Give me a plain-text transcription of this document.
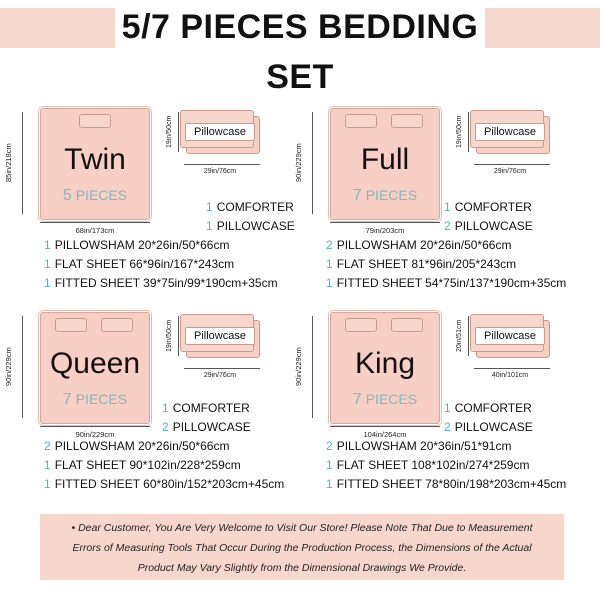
5/7 PIECES BEDDING SET
85in/218cm	Twin
5 PIECES
68in/173cm
19in/50cm	Pillowcase
29in/76cm
1 COMFORTER
1 PILLOWCASE
1 PILLOWSHAM 20*26in/50*66cm
1 FLAT SHEET 66*96in/167*243cm
1 FITTED SHEET 39*75in/99*190cm+35cm
90in/229cm	Full
7 PIECES
79in/203cm
19in/50cm	Pillowcase
29in/76cm
1 COMFORTER
2 PILLOWCASE
2 PILLOWSHAM 20*26in/50*66cm
1 FLAT SHEET 81*96in/205*243cm
1 FITTED SHEET 54*75in/137*190cm+35cm
90in/229cm Queen
7 PIECES
90in/229cm
19in/50cm	Pillowcase
29in/76cm
1 COMFORTER
2 PILLOWCASE
2 PILLOWSHAM 20*26in/50*66cm
1 FLAT SHEET 90*102in/228*259cm
1 FITTED SHEET 60*80in/152*203cm+45cm
90in/229cm	King
7 PIECES
104in/264cm
20in/51cm	Pillowcase
40in/101cm
1 COMFORTER
2 PILLOWCASE
2 PILLOWSHAM 20*36in/51*91cm
1 FLAT SHEET 108*102in/274*259cm
1 FITTED SHEET 78*80in/198*203cm+45cm
• Dear Customer, You Are Very Welcome to Visit Our Store! Please Note That Due to Measurement
Errors of Measuring Tools That Occur During the Production Process, the Dimensions of the Actual
Product May Vary Slightly from the Dimensional Drawings We Provide.
